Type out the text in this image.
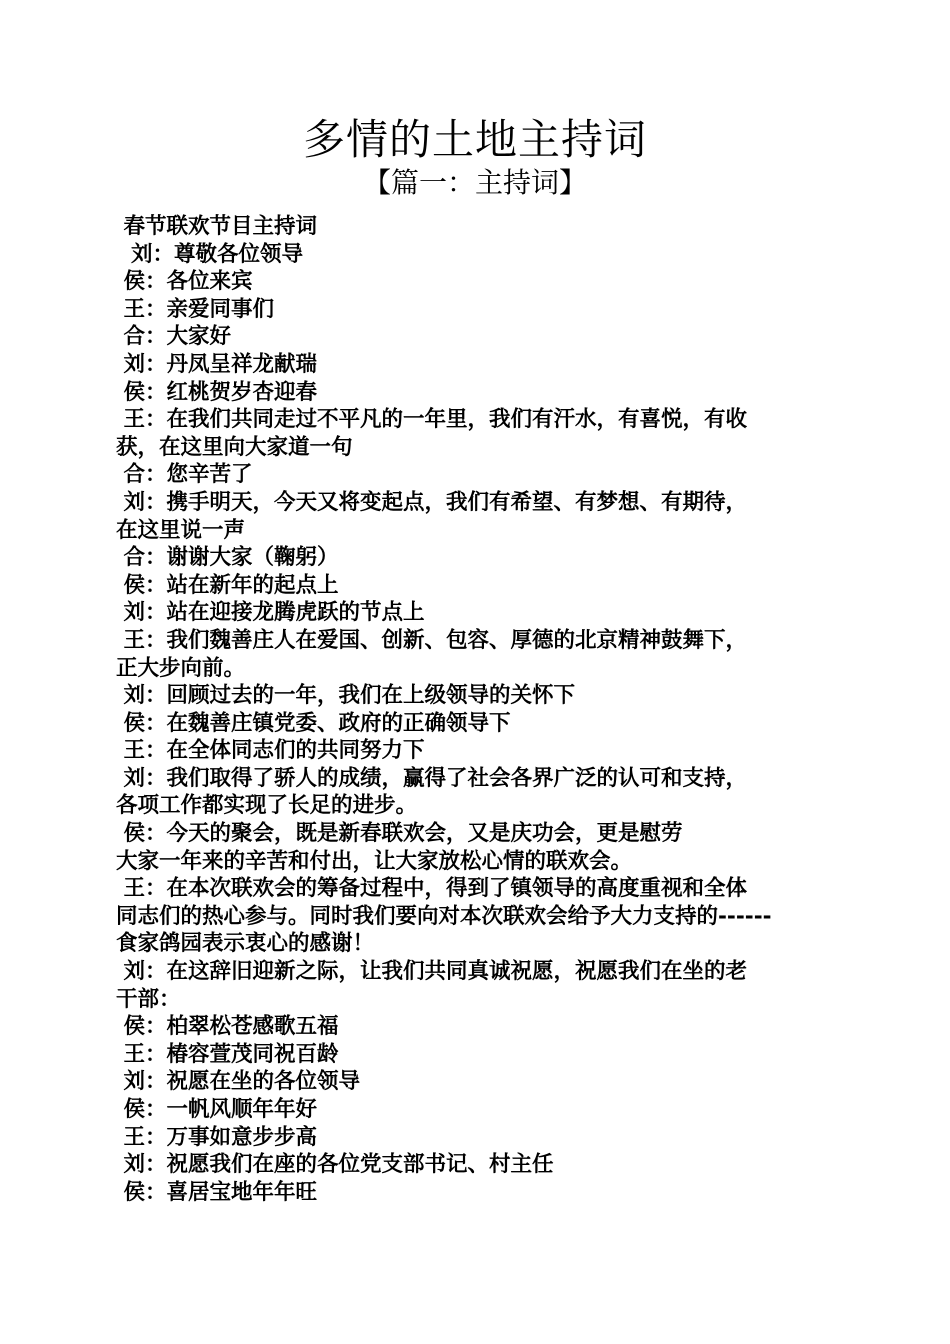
多情的土地主持词
【篇一：主持词】
春节联欢节目主持词
刘：尊敬各位领导
侯：各位来宾
王：亲爱同事们
合：大家好
刘：丹凤呈祥龙献瑞
侯：红桃贺岁杏迎春
王：在我们共同走过不平凡的一年里，我们有汗水，有喜悦，有收
获，在这里向大家道一句
合：您辛苦了
刘：携手明天，今天又将变起点，我们有希望、有梦想、有期待，
在这里说一声
合：谢谢大家（鞠躬）
侯：站在新年的起点上
刘：站在迎接龙腾虎跃的节点上
王：我们魏善庄人在爱国、创新、包容、厚德的北京精神鼓舞下，
正大步向前。
刘：回顾过去的一年，我们在上级领导的关怀下
侯：在魏善庄镇党委、政府的正确领导下
王：在全体同志们的共同努力下
刘：我们取得了骄人的成绩，赢得了社会各界广泛的认可和支持，
各项工作都实现了长足的进步。
侯：今天的聚会，既是新春联欢会，又是庆功会，更是慰劳
大家一年来的辛苦和付出，让大家放松心情的联欢会。
王：在本次联欢会的筹备过程中，得到了镇领导的高度重视和全体
同志们的热心参与。同时我们要向对本次联欢会给予大力支持的------
食家鸽园表示衷心的感谢！
刘：在这辞旧迎新之际，让我们共同真诚祝愿，祝愿我们在坐的老
干部：
侯：柏翠松苍感歌五福
王：椿容萱茂同祝百龄
刘：祝愿在坐的各位领导
侯：一帆风顺年年好
王：万事如意步步高
刘：祝愿我们在座的各位党支部书记、村主任
侯：喜居宝地年年旺
